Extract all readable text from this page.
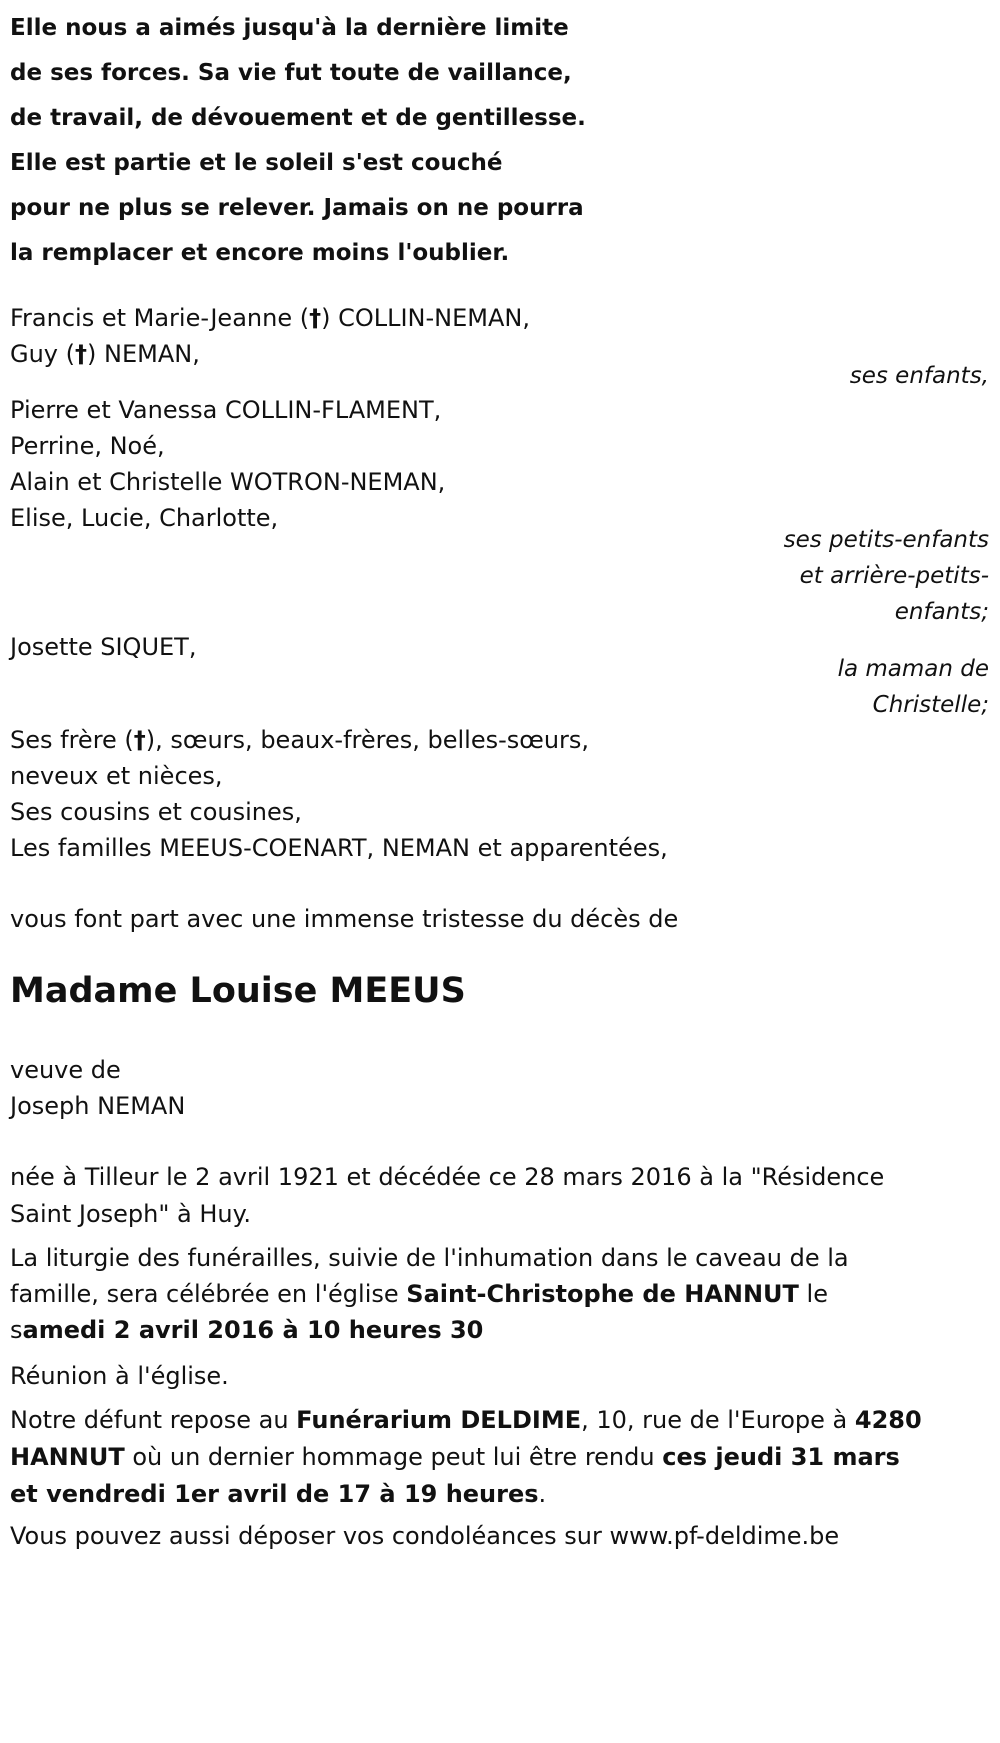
Elle nous a aimés jusqu'à la dernière limite
de ses forces. Sa vie fut toute de vaillance,
de travail, de dévouement et de gentillesse.
Elle est partie et le soleil s'est couché
pour ne plus se relever. Jamais on ne pourra
la remplacer et encore moins l'oublier.
Francis et Marie-Jeanne (†) COLLIN-NEMAN,
Guy (†) NEMAN,
ses enfants,
Pierre et Vanessa COLLIN-FLAMENT,
Perrine, Noé,
Alain et Christelle WOTRON-NEMAN,
Elise, Lucie, Charlotte,
ses petits-enfants
et arrière-petits-
enfants;
Josette SIQUET,
la maman de
Christelle;
Ses frère (†), sœurs, beaux-frères, belles-sœurs,
neveux et nièces,
Ses cousins et cousines,
Les familles MEEUS-COENART, NEMAN et apparentées,

vous font part avec une immense tristesse du décès de

Madame Louise MEEUS
veuve de
Joseph NEMAN
née à Tilleur le 2 avril 1921 et décédée ce 28 mars 2016 à la "Résidence
Saint Joseph" à Huy.
La liturgie des funérailles, suivie de l'inhumation dans le caveau de la
famille, sera célébrée en l'église Saint-Christophe de HANNUT le
samedi 2 avril 2016 à 10 heures 30

Réunion à l'église.

Notre défunt repose au Funérarium DELDIME, 10, rue de l'Europe à 4280
HANNUT où un dernier hommage peut lui être rendu ces jeudi 31 mars
et vendredi 1er avril de 17 à 19 heures.

Vous pouvez aussi déposer vos condoléances sur www.pf-deldime.be
